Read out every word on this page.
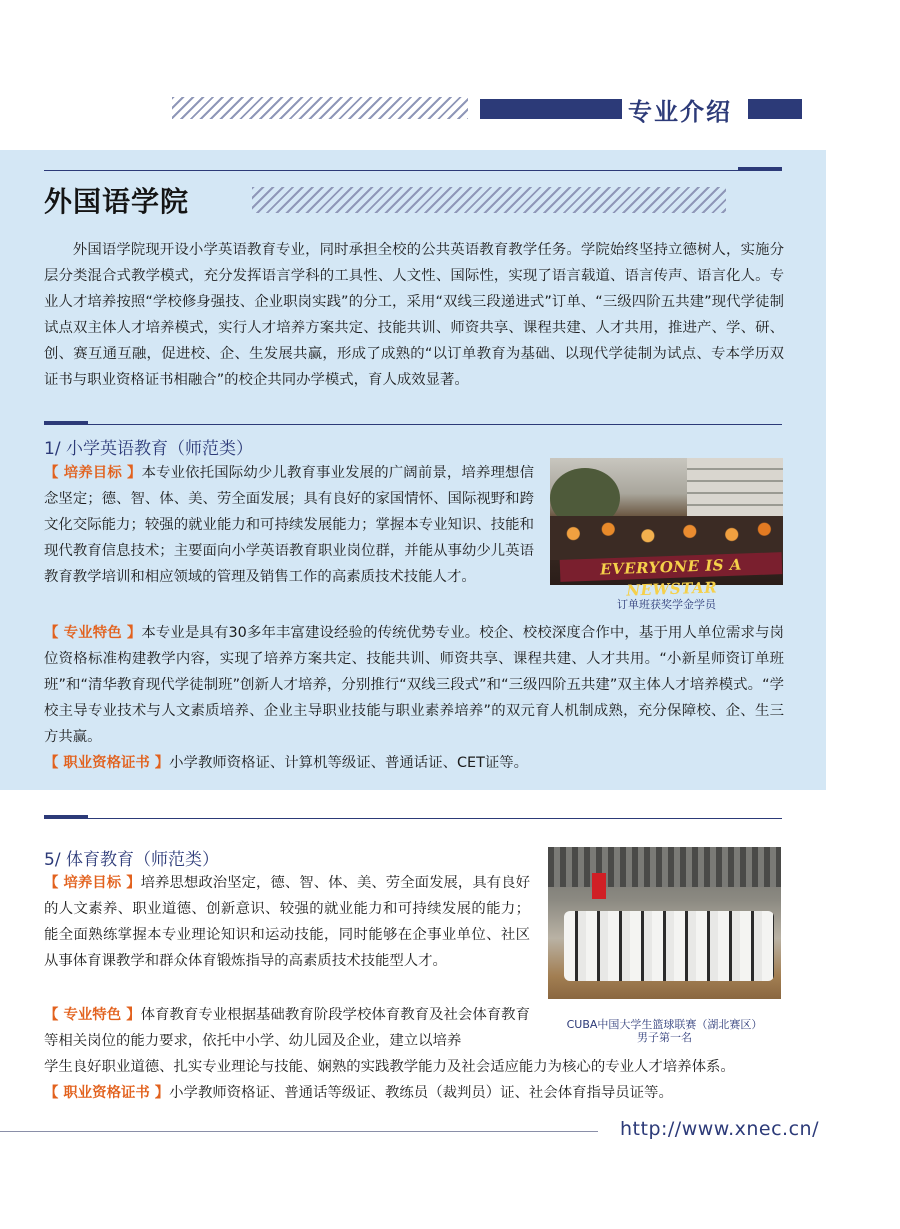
专业介绍
外国语学院

外国语学院现开设小学英语教育专业，同时承担全校的公共英语教育教学任务。学院始终坚持立德树人，实施分层分类混合式教学模式，充分发挥语言学科的工具性、人文性、国际性，实现了语言载道、语言传声、语言化人。专业人才培养按照“学校修身强技、企业职岗实践”的分工，采用“双线三段递进式”订单、“三级四阶五共建”现代学徒制试点双主体人才培养模式，实行人才培养方案共定、技能共训、师资共享、课程共建、人才共用，推进产、学、研、创、赛互通互融，促进校、企、生发展共赢，形成了成熟的“以订单教育为基础、以现代学徒制为试点、专本学历双证书与职业资格证书相融合”的校企共同办学模式，育人成效显著。

1/ 小学英语教育（师范类）

【 培养目标 】本专业依托国际幼少儿教育事业发展的广阔前景，培养理想信念坚定；德、智、体、美、劳全面发展；具有良好的家国情怀、国际视野和跨文化交际能力；较强的就业能力和可持续发展能力；掌握本专业知识、技能和现代教育信息技术；主要面向小学英语教育职业岗位群，并能从事幼少儿英语教育教学培训和相应领域的管理及销售工作的高素质技术技能人才。	EVERYONE IS A NEWSTAR
订单班获奖学金学员

【 专业特色 】本专业是具有30多年丰富建设经验的传统优势专业。校企、校校深度合作中，基于用人单位需求与岗位资格标准构建教学内容，实现了培养方案共定、技能共训、师资共享、课程共建、人才共用。“小新星师资订单班班”和“清华教育现代学徒制班”创新人才培养，分别推行“双线三段式”和“三级四阶五共建”双主体人才培养模式。“学校主导专业技术与人文素质培养、企业主导职业技能与职业素养培养”的双元育人机制成熟，充分保障校、企、生三方共赢。

【 职业资格证书 】小学教师资格证、计算机等级证、普通话证、CET证等。

5/ 体育教育（师范类）

【 培养目标 】培养思想政治坚定，德、智、体、美、劳全面发展，具有良好的人文素养、职业道德、创新意识、较强的就业能力和可持续发展的能力；能全面熟练掌握本专业理论知识和运动技能，同时能够在企事业单位、社区从事体育课教学和群众体育锻炼指导的高素质技术技能型人才。

【 专业特色 】体育教育专业根据基础教育阶段学校体育教育及社会体育教育等相关岗位的能力要求，依托中小学、幼儿园及企业，建立以培养

学生良好职业道德、扎实专业理论与技能、娴熟的实践教学能力及社会适应能力为核心的专业人才培养体系。

【 职业资格证书 】小学教师资格证、普通话等级证、教练员（裁判员）证、社会体育指导员证等。

CUBA中国大学生篮球联赛（湖北赛区）
男子第一名
http://www.xnec.cn/
